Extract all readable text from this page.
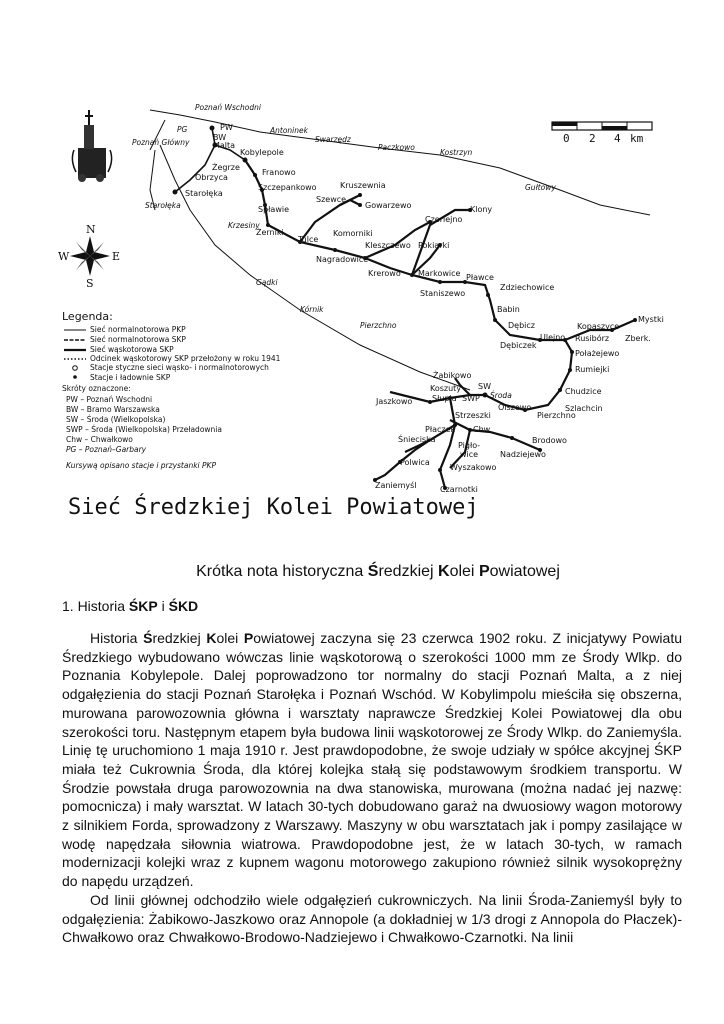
0 2 4 km
N
S
E
W
Poznań Wschodni
PW
BW
PG
Poznań Główny	Malta
Antoninek
Swarzędz
Kobylepole
Franowo
Paczkowo
Kostrzyn
Żegrze
Obrzyca
Starołęka
Starołęka
Szczepankowo
Spławie
Kruszewnia
Szewce
Gowarzewo
Gułtowy
Krzesiny
Żerniki
Tulce
Komorniki
Klony
Czerlejno
Kleszczewo Pokiarki
Nagradowice
Krerowo Markowice Pławce
Staniszewo
Zdziechowice
Gądki
Kórnik	Babin
Pierzchno	Dębicz
Dębiczek
Ulejno
Kopaszyce
Rusibórz
Mystki
Zberk.
Połażejewo
Rumiejki
Chudzice
Szlachcin
Pierzchno
Żabikowo
Koszuty
Jaszkowo Słupia SWP
SW
Środa
Olszewo
Strzeszki
Płaczek Chw
Śnieciska	Brodowo
Pigło-
wice	Nadziejewo
Polwica
Wyszakowo
Zaniemyśl	Czarnotki
Legenda:
Sieć normalnotorowa PKP
Sieć normalnotorowa SKP
Sieć wąskotorowa SKP
Odcinek wąskotorowy SKP przełożony w roku 1941
Stacje styczne sieci wąsko- i normalnotorowych
Stacje i ładownie SKP
Skróty oznaczone:
PW – Poznań Wschodni
BW – Bramo Warszawska
SW – Środa (Wielkopolska)
SWP – Środa (Wielkopolska) Przeładownia
Chw – Chwałkowo
PG – Poznań–Garbary
Kursywą opisano stacje i przystanki PKP
Sieć Średzkiej Kolei Powiatowej
Krótka nota historyczna Średzkiej Kolei Powiatowej
1. Historia ŚKP i ŚKD

Historia Średzkiej Kolei Powiatowej zaczyna się 23 czerwca 1902 roku. Z inicjatywy Powiatu Średzkiego wybudowano wówczas linie wąskotorową o szerokości 1000 mm ze Środy Wlkp. do Poznania Kobylepole. Dalej poprowadzono tor normalny do stacji Poznań Malta, a z niej odgałęzienia do stacji Poznań Starołęka i Poznań Wschód. W Kobylimpolu mieściła się obszerna, murowana parowozownia główna i warsztaty naprawcze Średzkiej Kolei Powiatowej dla obu szerokości toru. Następnym etapem była budowa linii wąskotorowej ze Środy Wlkp. do Zaniemyśla. Linię tę uruchomiono 1 maja 1910 r. Jest prawdopodobne, że swoje udziały w spółce akcyjnej ŚKP miała też Cukrownia Środa, dla której kolejka stałą się podstawowym środkiem transportu. W Środzie powstała druga parowozownia na dwa stanowiska, murowana (można nadać jej nazwę: pomocnicza) i mały warsztat. W latach 30-tych dobudowano garaż na dwuosiowy wagon motorowy z silnikiem Forda, sprowadzony z Warszawy. Maszyny w obu warsztatach jak i pompy zasilające w wodę napędzała siłownia wiatrowa. Prawdopodobne jest, że w latach 30-tych, w ramach modernizacji kolejki wraz z kupnem wagonu motorowego zakupiono również silnik wysokoprężny do napędu urządzeń.

Od linii głównej odchodziło wiele odgałęzień cukrowniczych. Na linii Środa-Zaniemyśl były to odgałęzienia: Żabikowo-Jaszkowo oraz Annopole (a dokładniej w 1/3 drogi z Annopola do Płaczek)-Chwałkowo oraz Chwałkowo-Brodowo-Nadziejewo i Chwałkowo-Czarnotki. Na linii
